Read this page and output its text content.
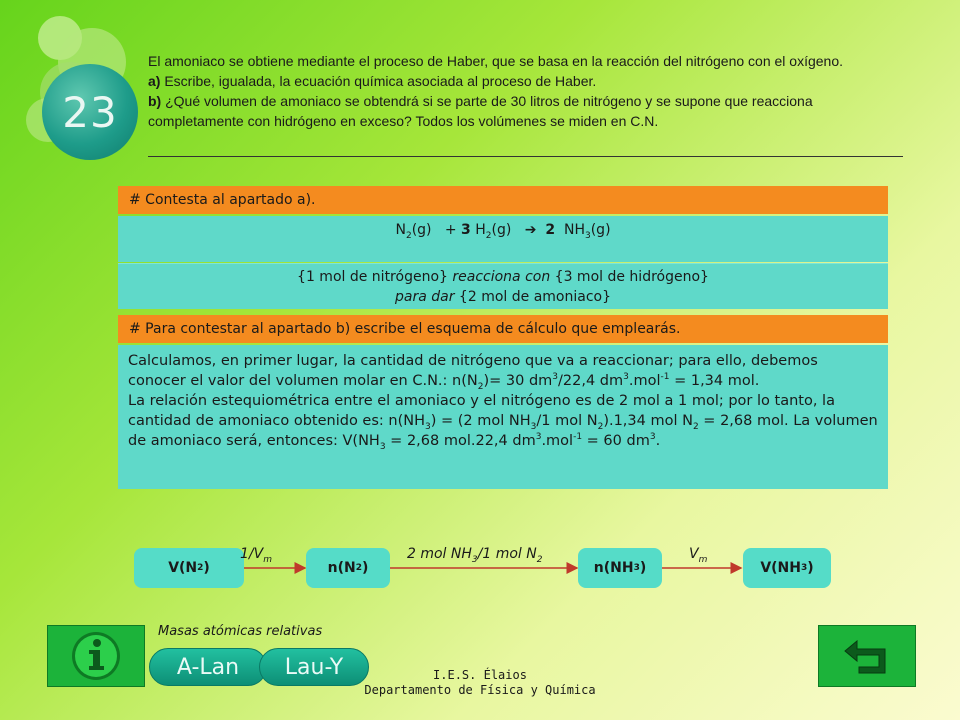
23

El amoniaco se obtiene mediante el proceso de Haber, que se basa en la reacción del nitrógeno con el oxígeno.

a) Escribe, igualada, la ecuación química asociada al proceso de Haber.

b) ¿Qué volumen de amoniaco se obtendrá si se parte de 30 litros de nitrógeno y se supone que reacciona completamente con hidrógeno en exceso? Todos los volúmenes se miden en C.N.

# Contesta al apartado a).
$N_2(g) + 3$ $H_2(g)$ ➔ 2 $NH_3(g)$
{1 mol de nitrógeno} reacciona con {3 mol de hidrógeno}
para dar {2 mol de amoniaco}
# Para contestar al apartado b) escribe el esquema de cálculo que emplearás.

Calculamos, en primer lugar, la cantidad de nitrógeno que va a reaccionar; para ello, debemos conocer el valor del volumen molar en C.N.: $n(N_2)= 30$ $dm^3/22,4$ $dm^3.mol^{-1} = 1,34$ mol.

La relación estequiométrica entre el amoniaco y el nitrógeno es de 2 mol a 1 mol; por lo tanto, la cantidad de amoniaco obtenido es: $n(NH_3) = (2$ mol $NH_3/1$ mol $N_2).1,34$ mol $N_2 = 2,68$ mol. La volumen de amoniaco será, entonces: $V(NH_3 = 2,68$ mol.22,4 $dm^3.mol^{-1} = 60$ $dm^3$.

V(N 2 )	n(N 2 )	n(NH 3 )	V(NH 3 )
$1/V_m$	2 mol $NH_3/1$ mol $N_2$	$V_m$
Masas atómicas relativas
A-Lan	Lau-Y	I.E.S. Élaios
Departamento de Física y Química
